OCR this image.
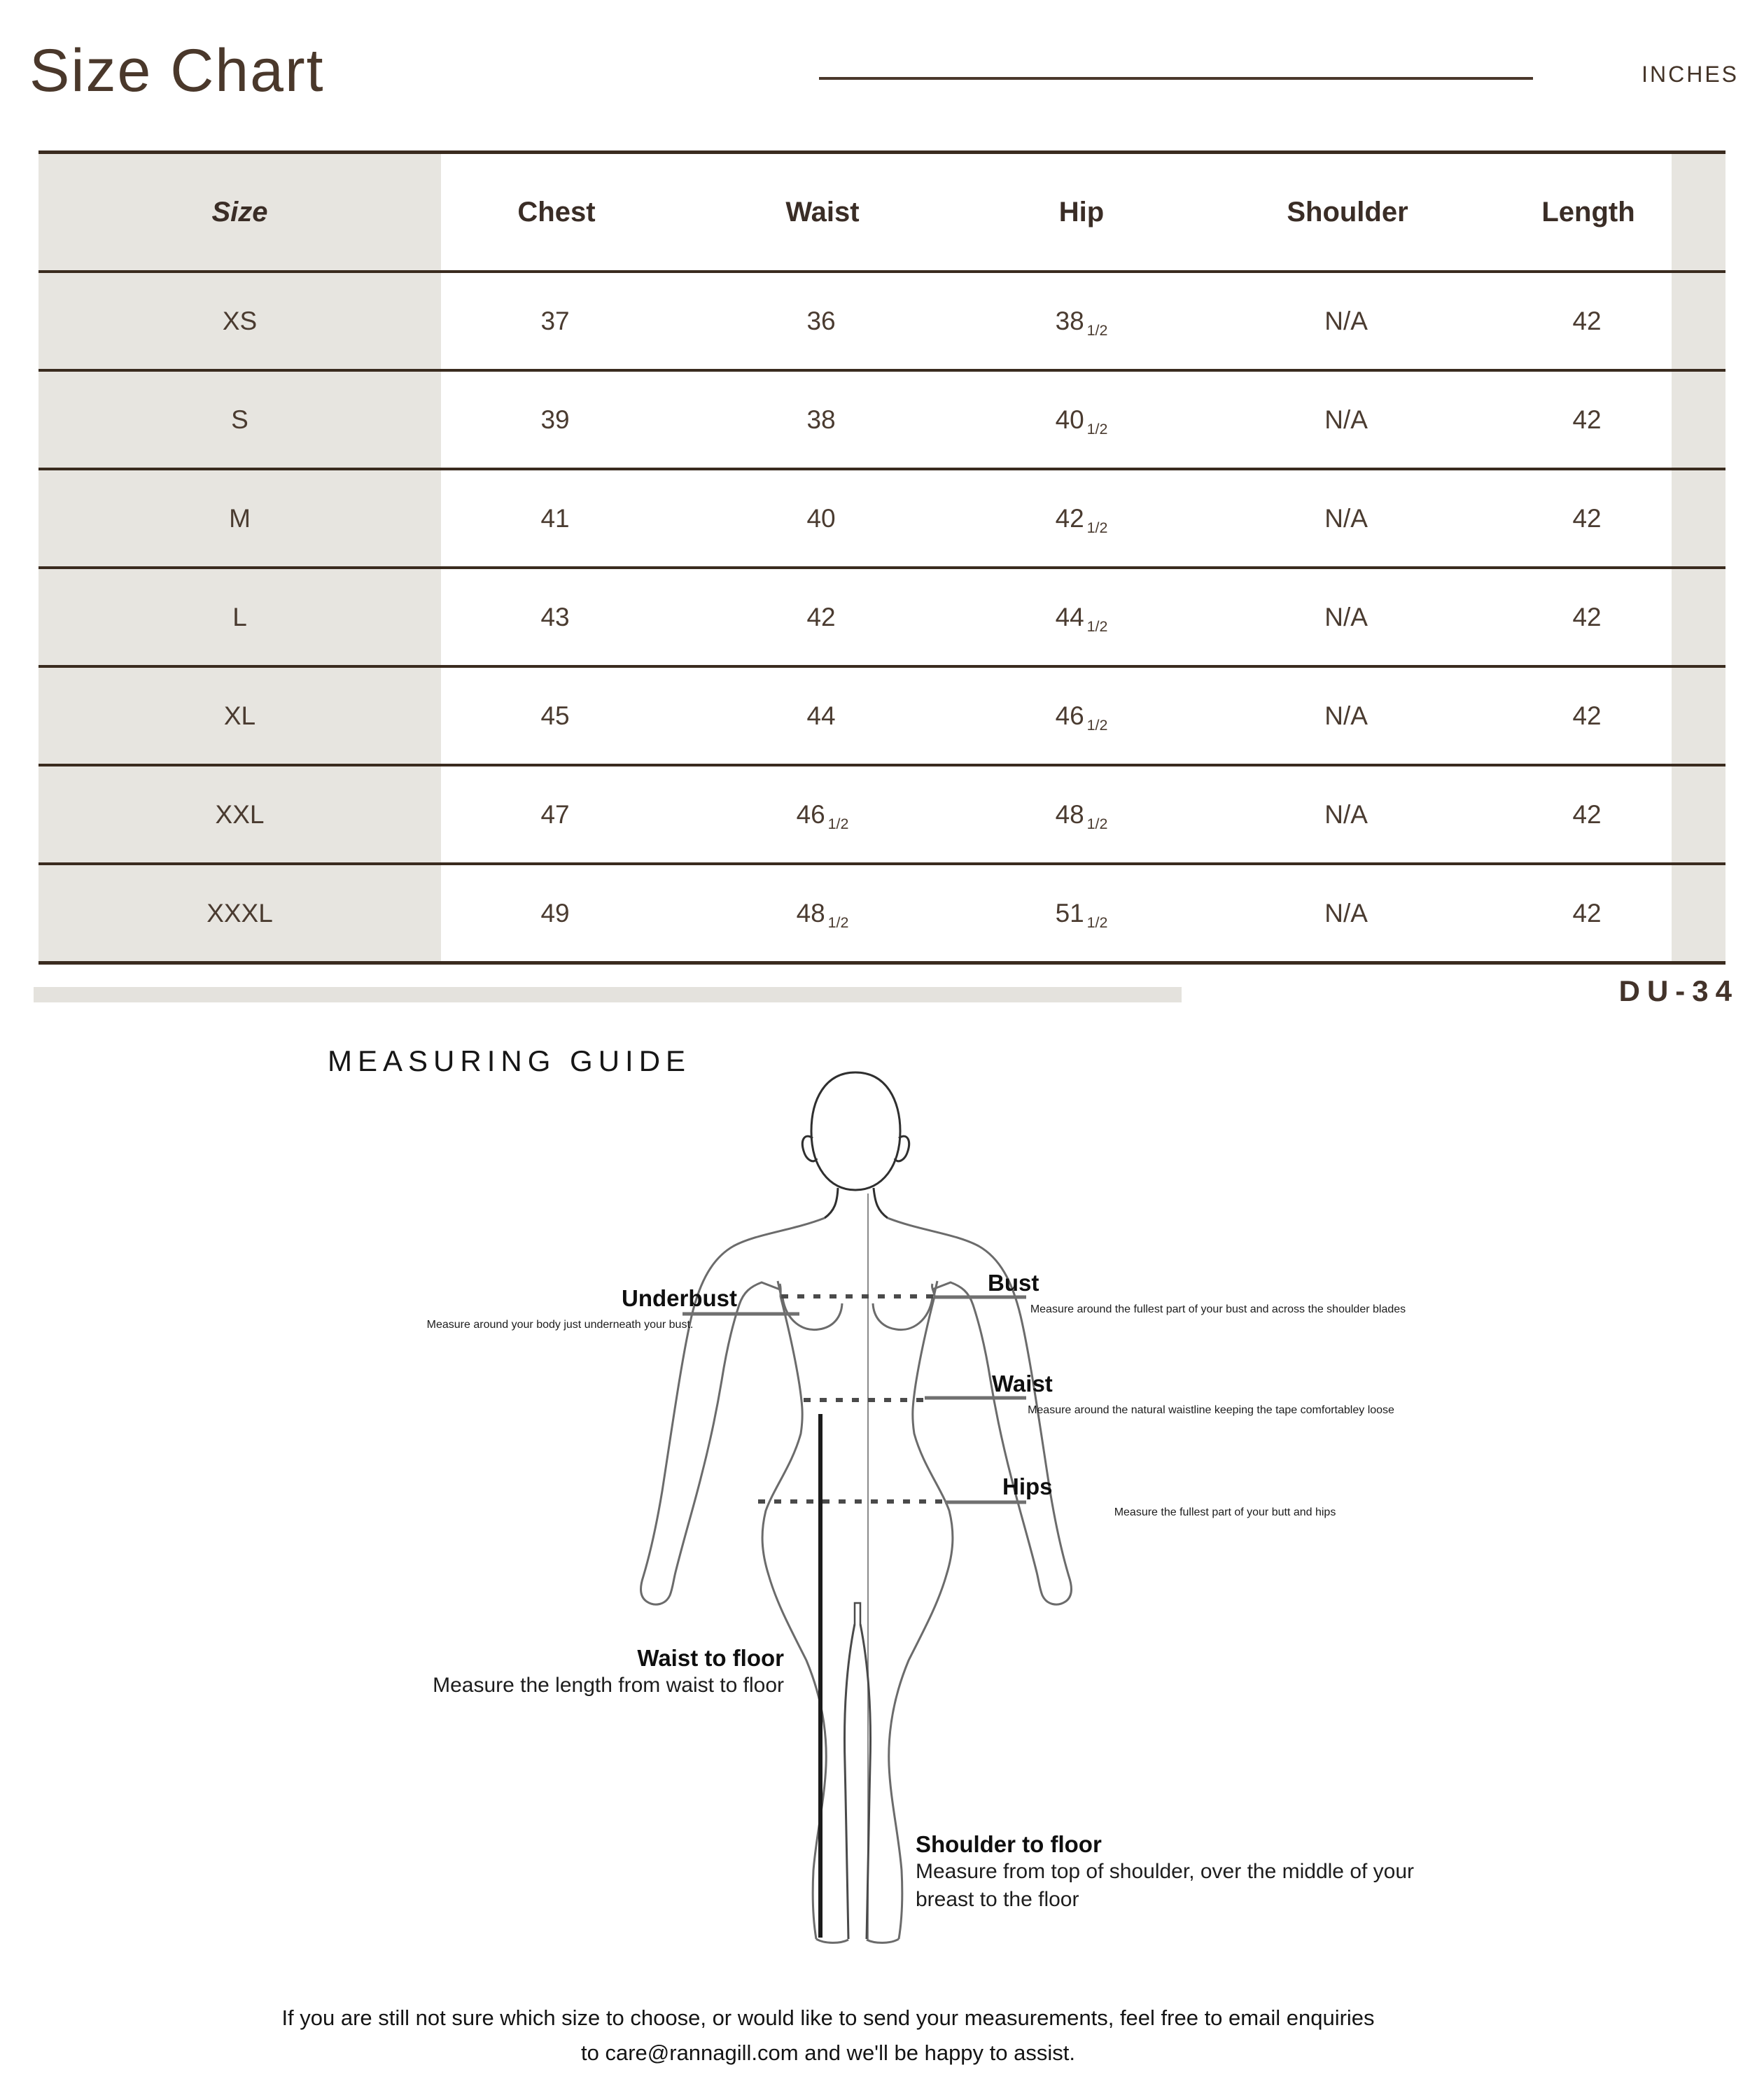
Size Chart	INCHES
Size	Chest	Waist	Hip	Shoulder	Length
XS	37	36	38 1/2	N/A	42
S	39	38	40 1/2	N/A	42
M	41	40	42 1/2	N/A	42
L	43	42	44 1/2	N/A	42
XL	45	44	46 1/2	N/A	42
XXL	47	46 1/2	48 1/2	N/A	42
XXXL	49	48 1/2	51 1/2	N/A	42
DU-34
MEASURING GUIDE
Underbust
Measure around your body just underneath your bust.
Bust
Measure around the fullest part of your bust and across the shoulder blades
Waist
Measure around the natural waistline keeping the tape comfortabley loose
Hips
Measure the fullest part of your butt and hips
Waist to floor
Measure the length from waist to floor
Shoulder to floor
Measure from top of shoulder, over the middle of your breast to the floor
If you are still not sure which size to choose, or would like to send your measurements, feel free to email enquiries to care@rannagill.com and we'll be happy to assist.
